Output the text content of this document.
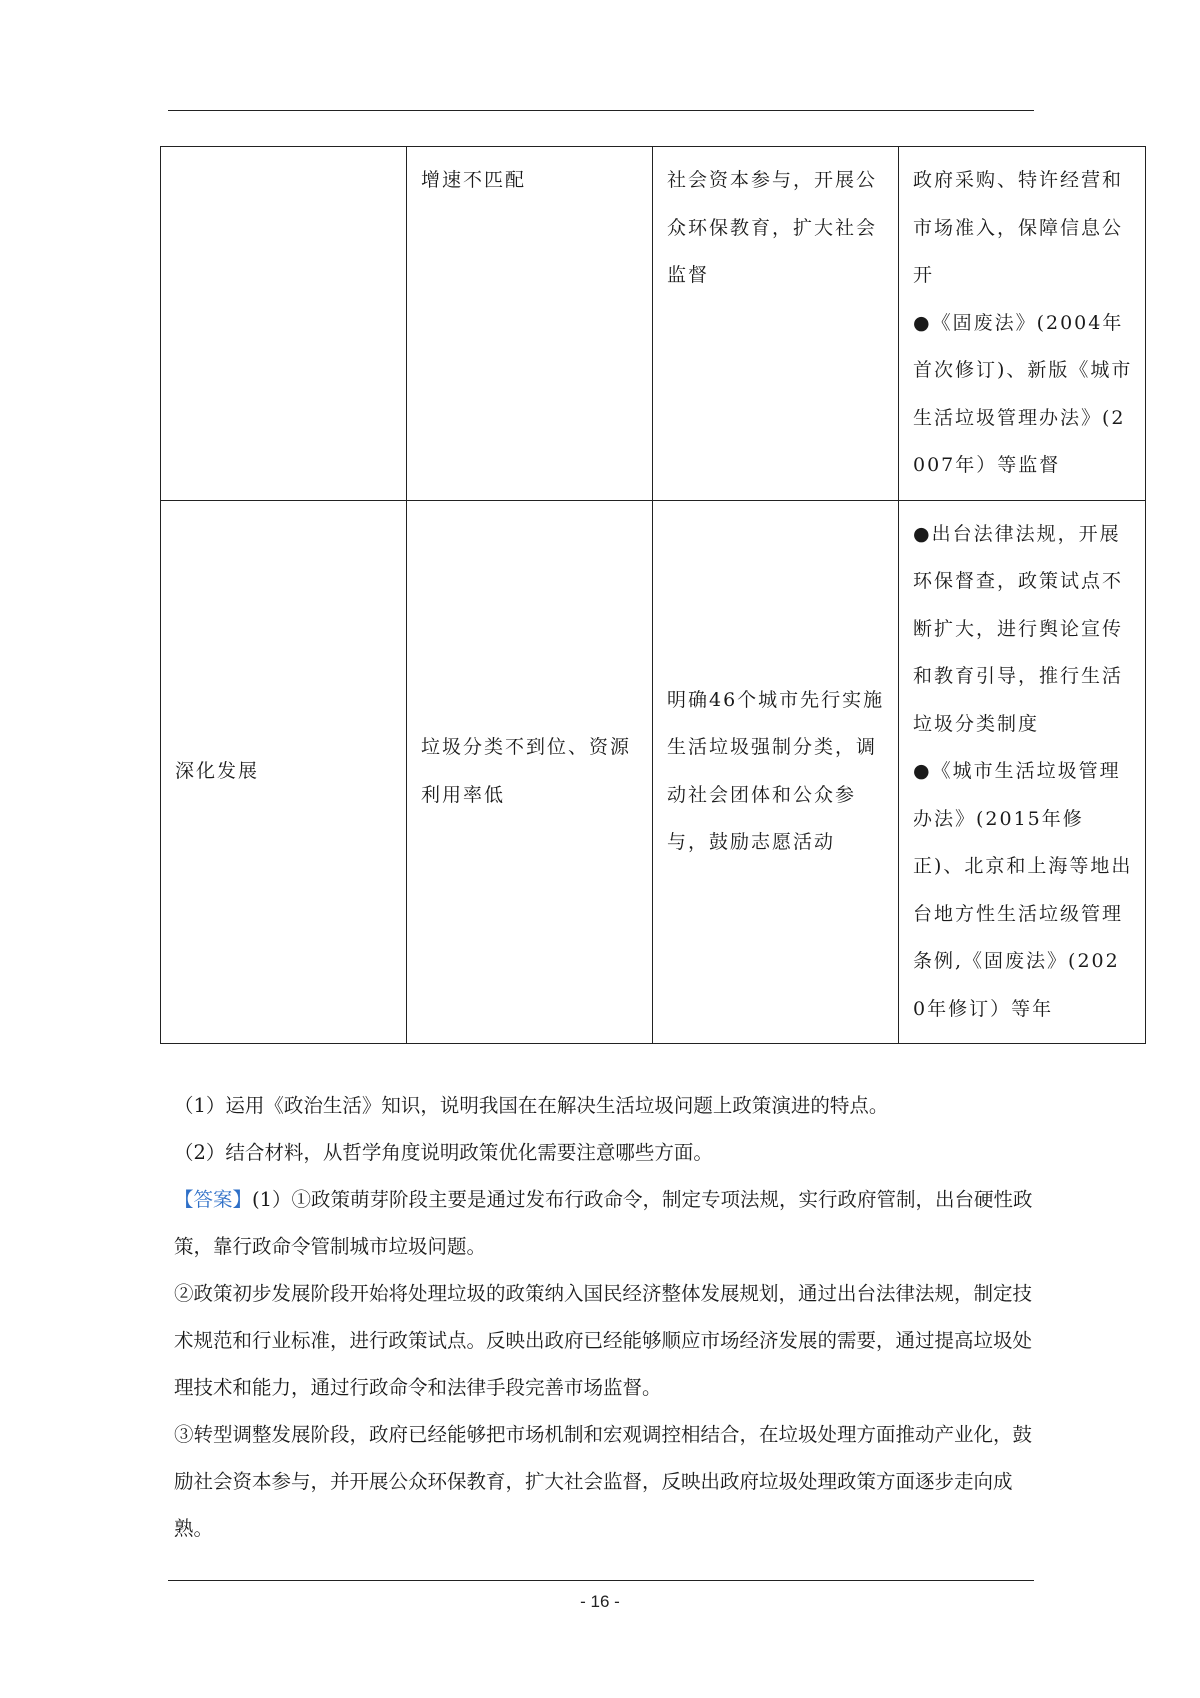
	增速不匹配	社会资本参与，开展公众环保教育，扩大社会监督	政府采购、特许经营和市场准入，保障信息公开
●《固废法》(2004年首次修订)、新版《城市生活垃圾管理办法》(2007年）等监督

深化发展	垃圾分类不到位、资源利用率低	明确46个城市先行实施生活垃圾强制分类，调动社会团体和公众参与，鼓励志愿活动	●出台法律法规，开展环保督查，政策试点不断扩大，进行舆论宣传和教育引导，推行生活垃圾分类制度
●《城市生活垃圾管理办法》(2015年修正)、北京和上海等地出台地方性生活垃级管理条例,《固废法》(2020年修订）等年

（1）运用《政治生活》知识，说明我国在在解决生活垃圾问题上政策演进的特点。

（2）结合材料，从哲学角度说明政策优化需要注意哪些方面。

【答案】(1）①政策萌芽阶段主要是通过发布行政命令，制定专项法规，实行政府管制，出台硬性政策，靠行政命令管制城市垃圾问题。

②政策初步发展阶段开始将处理垃圾的政策纳入国民经济整体发展规划，通过出台法律法规，制定技术规范和行业标准，进行政策试点。反映出政府已经能够顺应市场经济发展的需要，通过提高垃圾处理技术和能力，通过行政命令和法律手段完善市场监督。

③转型调整发展阶段，政府已经能够把市场机制和宏观调控相结合，在垃圾处理方面推动产业化，鼓励社会资本参与，并开展公众环保教育，扩大社会监督，反映出政府垃圾处理政策方面逐步走向成熟。

- 16 -
